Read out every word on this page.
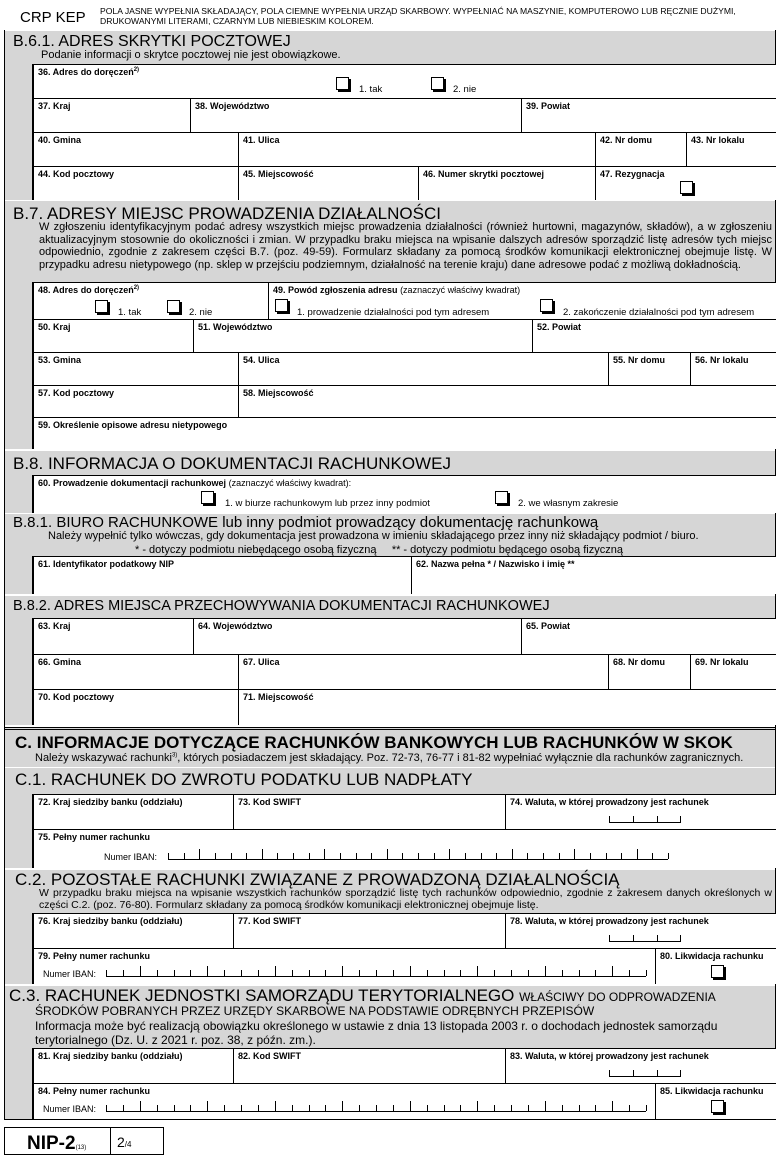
CRP KEP POLA JASNE WYPEŁNIA SKŁADAJĄCY, POLA CIEMNE WYPEŁNIA URZĄD SKARBOWY. WYPEŁNIAĆ NA MASZYNIE, KOMPUTEROWO LUB RĘCZNIE DUŻYMI, DRUKOWANYMI LITERAMI, CZARNYM LUB NIEBIESKIM KOLOREM.
B.6.1. ADRES SKRYTKI POCZTOWEJ
Podanie informacji o skrytce pocztowej nie jest obowiązkowe.
36. Adres do doręczeń$^{2)}$
1. tak	2. nie
37. Kraj	38. Województwo	39. Powiat
40. Gmina	41. Ulica	42. Nr domu	43. Nr lokalu
44. Kod pocztowy	45. Miejscowość	46. Numer skrytki pocztowej	47. Rezygnacja
B.7. ADRESY MIEJSC PROWADZENIA DZIAŁALNOŚCI
W zgłoszeniu identyfikacyjnym podać adresy wszystkich miejsc prowadzenia działalności (również hurtowni, magazynów, składów), a w zgłoszeniu aktualizacyjnym stosownie do okoliczności i zmian. W przypadku braku miejsca na wpisanie dalszych adresów sporządzić listę adresów tych miejsc odpowiednio, zgodnie z zakresem części B.7. (poz. 49-59). Formularz składany za pomocą środków komunikacji elektronicznej obejmuje listę. W przypadku adresu nietypowego (np. sklep w przejściu podziemnym, działalność na terenie kraju) dane adresowe podać z możliwą dokładnością.
48. Adres do doręczeń$^{2)}$
1. tak	2. nie
49. Powód zgłoszenia adresu (zaznaczyć właściwy kwadrat)
1. prowadzenie działalności pod tym adresem	2. zakończenie działalności pod tym adresem
50. Kraj	51. Województwo	52. Powiat
53. Gmina	54. Ulica	55. Nr domu	56. Nr lokalu
57. Kod pocztowy	58. Miejscowość
59. Określenie opisowe adresu nietypowego
B.8. INFORMACJA O DOKUMENTACJI RACHUNKOWEJ
60. Prowadzenie dokumentacji rachunkowej (zaznaczyć właściwy kwadrat):
1. w biurze rachunkowym lub przez inny podmiot	2. we własnym zakresie
B.8.1. BIURO RACHUNKOWE lub inny podmiot prowadzący dokumentację rachunkową
Należy wypełnić tylko wówczas, gdy dokumentacja jest prowadzona w imieniu składającego przez inny niż składający podmiot / biuro.
* - dotyczy podmiotu niebędącego osobą fizyczną     ** - dotyczy podmiotu będącego osobą fizyczną
61. Identyfikator podatkowy NIP	62. Nazwa pełna * / Nazwisko i imię **
B.8.2. ADRES MIEJSCA PRZECHOWYWANIA DOKUMENTACJI RACHUNKOWEJ
63. Kraj	64. Województwo	65. Powiat
66. Gmina	67. Ulica	68. Nr domu	69. Nr lokalu
70. Kod pocztowy	71. Miejscowość
C. INFORMACJE DOTYCZĄCE RACHUNKÓW BANKOWYCH LUB RACHUNKÓW W SKOK
Należy wskazywać rachunki$^{3)}$, których posiadaczem jest składający. Poz. 72-73, 76-77 i 81-82 wypełniać wyłącznie dla rachunków zagranicznych.
C.1. RACHUNEK DO ZWROTU PODATKU LUB NADPŁATY
72. Kraj siedziby banku (oddziału)	73. Kod SWIFT	74. Waluta, w której prowadzony jest rachunek
75. Pełny numer rachunku
Numer IBAN:
C.2. POZOSTAŁE RACHUNKI ZWIĄZANE Z PROWADZONĄ DZIAŁALNOŚCIĄ
W przypadku braku miejsca na wpisanie wszystkich rachunków sporządzić listę tych rachunków odpowiednio, zgodnie z zakresem danych określonych w części C.2. (poz. 76-80). Formularz składany za pomocą środków komunikacji elektronicznej obejmuje listę.
76. Kraj siedziby banku (oddziału)	77. Kod SWIFT	78. Waluta, w której prowadzony jest rachunek
79. Pełny numer rachunku
Numer IBAN:
80. Likwidacja rachunku
C.3. RACHUNEK JEDNOSTKI SAMORZĄDU TERYTORIALNEGO WŁAŚCIWY DO ODPROWADZENIA
ŚRODKÓW POBRANYCH PRZEZ URZĘDY SKARBOWE NA PODSTAWIE ODRĘBNYCH PRZEPISÓW
Informacja może być realizacją obowiązku określonego w ustawie z dnia 13 listopada 2003 r. o dochodach jednostek samorządu terytorialnego (Dz. U. z 2021 r. poz. 38, z późn. zm.).
81. Kraj siedziby banku (oddziału)	82. Kod SWIFT	83. Waluta, w której prowadzony jest rachunek
84. Pełny numer rachunku
Numer IBAN:
85. Likwidacja rachunku
NIP-2(13)	2/4
